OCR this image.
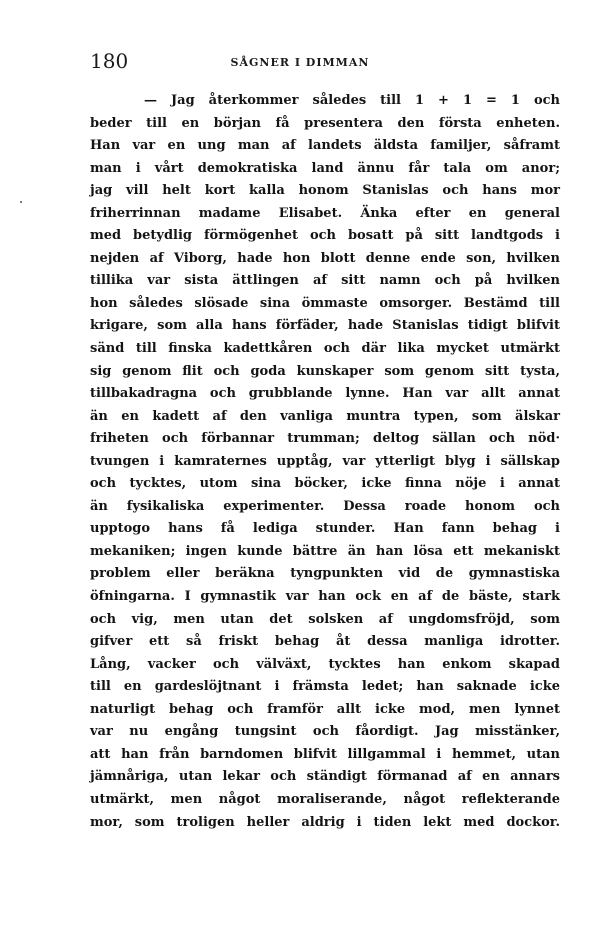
180	SÅGNER I DIMMAN
— Jag återkommer således till 1 + 1 = 1 och
beder till en början få presentera den första enheten.
Han var en ung man af landets äldsta familjer, såframt
man i vårt demokratiska land ännu får tala om anor;
jag vill helt kort kalla honom Stanislas och hans mor
friherrinnan madame Elisabet. Änka efter en general
med betydlig förmögenhet och bosatt på sitt landtgods i
nejden af Viborg, hade hon blott denne ende son, hvilken
tillika var sista ättlingen af sitt namn och på hvilken
hon således slösade sina ömmaste omsorger. Bestämd till
krigare, som alla hans förfäder, hade Stanislas tidigt blifvit
sänd till finska kadettkåren och där lika mycket utmärkt
sig genom flit och goda kunskaper som genom sitt tysta,
tillbakadragna och grubblande lynne. Han var allt annat
än en kadett af den vanliga muntra typen, som älskar
friheten och förbannar trumman; deltog sällan och nöd·
tvungen i kamraternes upptåg, var ytterligt blyg i sällskap
och tycktes, utom sina böcker, icke finna nöje i annat
än fysikaliska experimenter. Dessa roade honom och
upptogo hans få lediga stunder. Han fann behag i
mekaniken; ingen kunde bättre än han lösa ett mekaniskt
problem eller beräkna tyngpunkten vid de gymnastiska
öfningarna. I gymnastik var han ock en af de bäste, stark
och vig, men utan det solsken af ungdomsfröjd, som
gifver ett så friskt behag åt dessa manliga idrotter.
Lång, vacker och välväxt, tycktes han enkom skapad
till en gardeslöjtnant i främsta ledet; han saknade icke
naturligt behag och framför allt icke mod, men lynnet
var nu engång tungsint och fåordigt. Jag misstänker,
att han från barndomen blifvit lillgammal i hemmet, utan
jämnåriga, utan lekar och ständigt förmanad af en annars
utmärkt, men något moraliserande, något reflekterande
mor, som troligen heller aldrig i tiden lekt med dockor.
